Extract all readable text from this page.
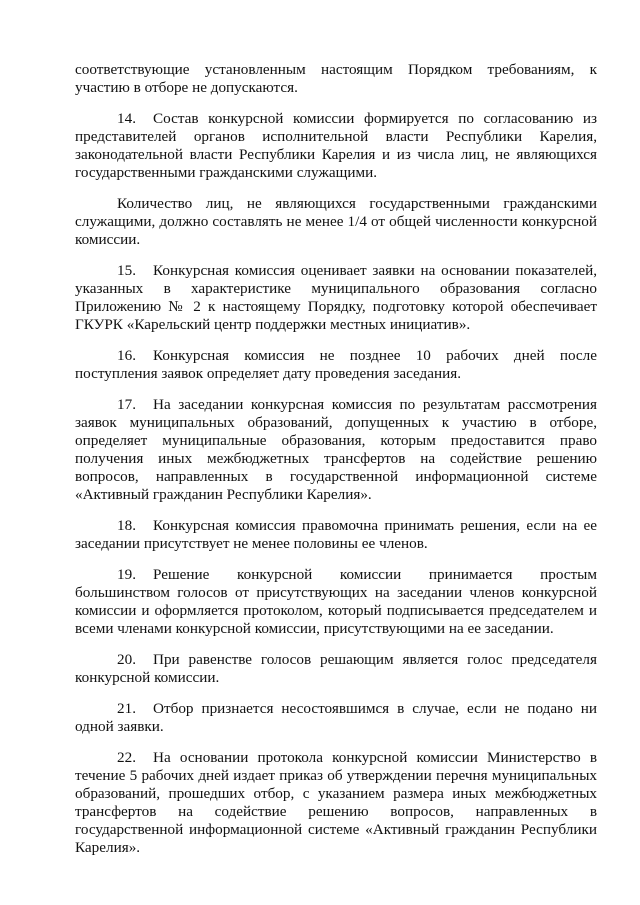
соответствующие установленным настоящим Порядком требованиям, к участию в отборе не допускаются.

14. Состав конкурсной комиссии формируется по согласованию из представителей органов исполнительной власти Республики Карелия, законодательной власти Республики Карелия и из числа лиц, не являющихся государственными гражданскими служащими.

Количество лиц, не являющихся государственными гражданскими служащими, должно составлять не менее 1/4 от общей численности конкурсной комиссии.

15. Конкурсная комиссия оценивает заявки на основании показателей, указанных в характеристике муниципального образования согласно Приложению № 2 к настоящему Порядку, подготовку которой обеспечивает ГКУРК «Карельский центр поддержки местных инициатив».

16. Конкурсная комиссия не позднее 10 рабочих дней после поступления заявок определяет дату проведения заседания.

17. На заседании конкурсная комиссия по результатам рассмотрения заявок муниципальных образований, допущенных к участию в отборе, определяет муниципальные образования, которым предоставится право получения иных межбюджетных трансфертов на содействие решению вопросов, направленных в государственной информационной системе «Активный гражданин Республики Карелия».

18. Конкурсная комиссия правомочна принимать решения, если на ее заседании присутствует не менее половины ее членов.

19. Решение конкурсной комиссии принимается простым большинством голосов от присутствующих на заседании членов конкурсной комиссии и оформляется протоколом, который подписывается председателем и всеми членами конкурсной комиссии, присутствующими на ее заседании.

20. При равенстве голосов решающим является голос председателя конкурсной комиссии.

21. Отбор признается несостоявшимся в случае, если не подано ни одной заявки.

22. На основании протокола конкурсной комиссии Министерство в течение 5 рабочих дней издает приказ об утверждении перечня муниципальных образований, прошедших отбор, с указанием размера иных межбюджетных трансфертов на содействие решению вопросов, направленных в государственной информационной системе «Активный гражданин Республики Карелия».
